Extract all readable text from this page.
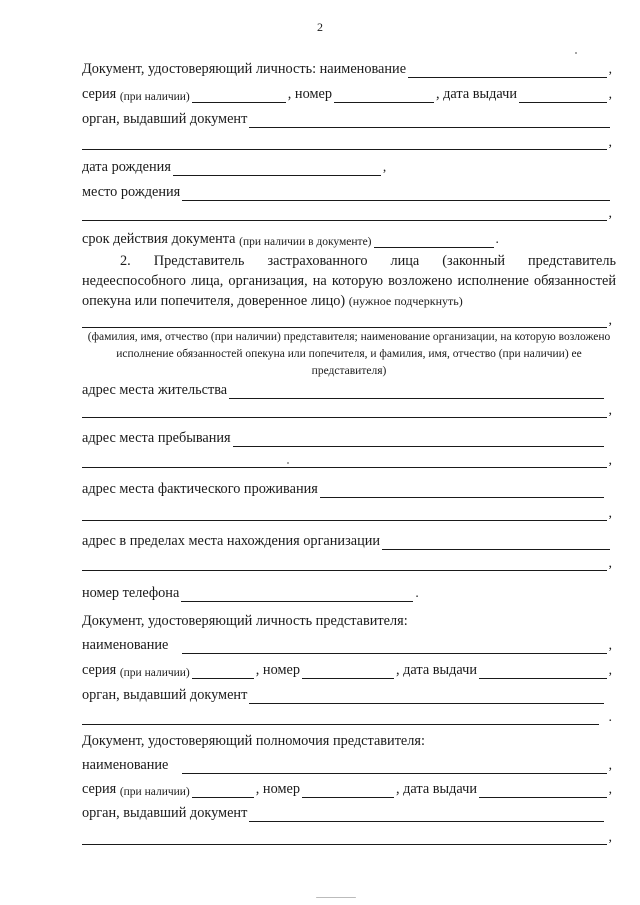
2
Документ, удостоверяющий личность: наименование	,
серия
(при наличии)	, номер	, дата выдачи	,
орган, выдавший документ
,
дата рождения	,
место рождения
,
срок действия документа
(при наличии в документе)	.
2. Представитель застрахованного лица (законный представитель недееспособного лица, организация, на которую возложено исполнение обязанностей опекуна или попечителя, доверенное лицо) (нужное подчеркнуть)
,
(фамилия, имя, отчество (при наличии) представителя; наименование организации, на которую возложено исполнение обязанностей опекуна или попечителя, и фамилия, имя, отчество (при наличии) ее представителя)
адрес места жительства
,
адрес места пребывания
,
адрес места фактического проживания
,
адрес в пределах места нахождения организации
,
номер телефона	.
Документ, удостоверяющий личность представителя:
наименование	,
серия
(при наличии)	, номер	, дата выдачи	,
орган, выдавший документ
.
Документ, удостоверяющий полномочия представителя:
наименование	,
серия
(при наличии)	, номер	, дата выдачи	,
орган, выдавший документ
,
